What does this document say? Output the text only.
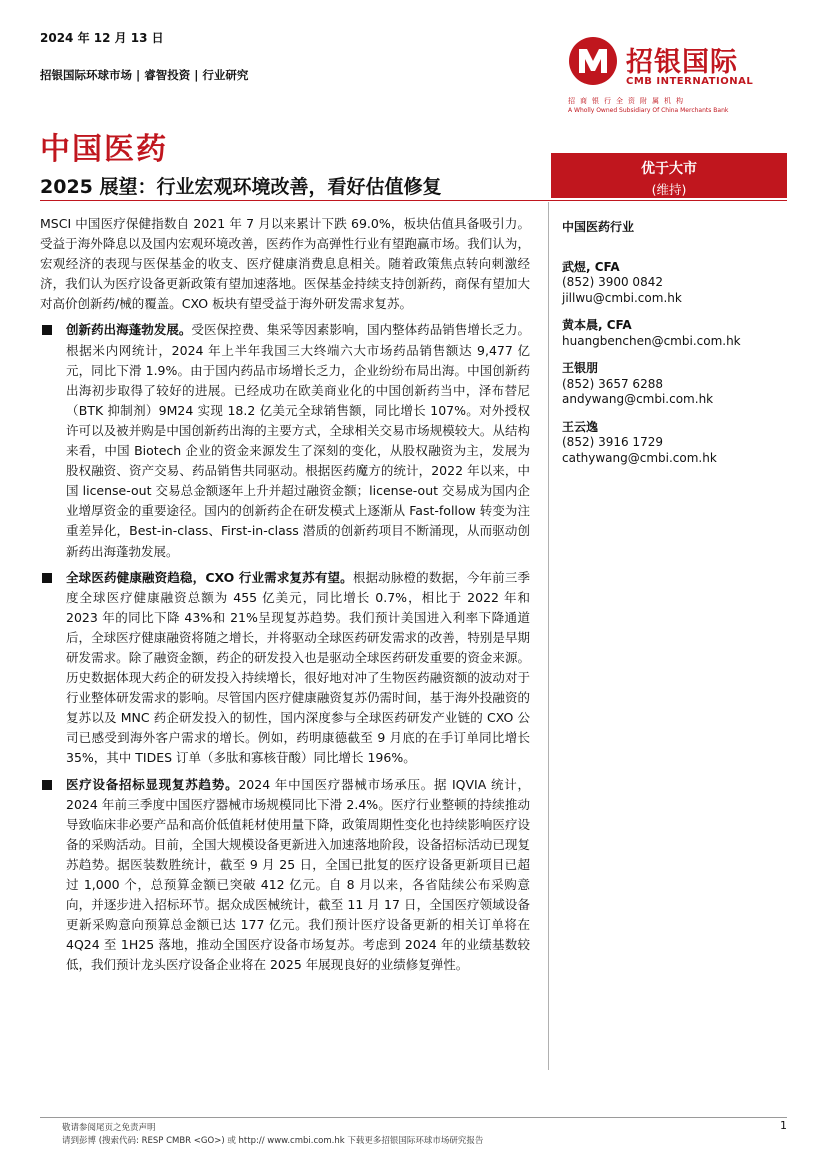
2024 年 12 月 13 日
招银国际环球市场 | 睿智投资 | 行业研究	招银国际
CMB INTERNATIONAL
招商银行全资附属机构
A Wholly Owned Subsidiary Of China Merchants Bank
中国医药
2025 展望：行业宏观环境改善，看好估值修复
优于大市
(维持)

MSCI 中国医疗保健指数自 2021 年 7 月以来累计下跌 69.0%，板块估值具备吸引力。受益于海外降息以及国内宏观环境改善，医药作为高弹性行业有望跑赢市场。我们认为，宏观经济的表现与医保基金的收支、医疗健康消费息息相关。随着政策焦点转向刺激经济，我们认为医疗设备更新政策有望加速落地。医保基金持续支持创新药，商保有望加大对高价创新药/械的覆盖。CXO 板块有望受益于海外研发需求复苏。

创新药出海蓬勃发展。受医保控费、集采等因素影响，国内整体药品销售增长乏力。根据米内网统计，2024 年上半年我国三大终端六大市场药品销售额达 9,477 亿元，同比下滑 1.9%。由于国内药品市场增长乏力，企业纷纷布局出海。中国创新药出海初步取得了较好的进展。已经成功在欧美商业化的中国创新药当中，泽布替尼（BTK 抑制剂）9M24 实现 18.2 亿美元全球销售额，同比增长 107%。对外授权许可以及被并购是中国创新药出海的主要方式，全球相关交易市场规模较大。从结构来看，中国 Biotech 企业的资金来源发生了深刻的变化，从股权融资为主，发展为股权融资、资产交易、药品销售共同驱动。根据医药魔方的统计，2022 年以来，中国 license-out 交易总金额逐年上升并超过融资金额；license-out 交易成为国内企业增厚资金的重要途径。国内的创新药企在研发模式上逐渐从 Fast-follow 转变为注重差异化，Best-in-class、First-in-class 潜质的创新药项目不断涌现，从而驱动创新药出海蓬勃发展。

全球医药健康融资趋稳，CXO 行业需求复苏有望。根据动脉橙的数据，今年前三季度全球医疗健康融资总额为 455 亿美元，同比增长 0.7%，相比于 2022 年和 2023 年的同比下降 43%和 21%呈现复苏趋势。我们预计美国进入利率下降通道后，全球医疗健康融资将随之增长，并将驱动全球医药研发需求的改善，特别是早期研发需求。除了融资金额，药企的研发投入也是驱动全球医药研发重要的资金来源。历史数据体现大药企的研发投入持续增长，很好地对冲了生物医药融资额的波动对于行业整体研发需求的影响。尽管国内医疗健康融资复苏仍需时间，基于海外投融资的复苏以及 MNC 药企研发投入的韧性，国内深度参与全球医药研发产业链的 CXO 公司已感受到海外客户需求的增长。例如，药明康德截至 9 月底的在手订单同比增长 35%，其中 TIDES 订单（多肽和寡核苷酸）同比增长 196%。

医疗设备招标显现复苏趋势。2024 年中国医疗器械市场承压。据 IQVIA 统计，2024 年前三季度中国医疗器械市场规模同比下滑 2.4%。医疗行业整顿的持续推动导致临床非必要产品和高价低值耗材使用量下降，政策周期性变化也持续影响医疗设备的采购活动。目前，全国大规模设备更新进入加速落地阶段，设备招标活动已现复苏趋势。据医装数胜统计，截至 9 月 25 日，全国已批复的医疗设备更新项目已超过 1,000 个，总预算金额已突破 412 亿元。自 8 月以来，各省陆续公布采购意向，并逐步进入招标环节。据众成医械统计，截至 11 月 17 日，全国医疗领域设备更新采购意向预算总金额已达 177 亿元。我们预计医疗设备更新的相关订单将在 4Q24 至 1H25 落地，推动全国医疗设备市场复苏。考虑到 2024 年的业绩基数较低，我们预计龙头医疗设备企业将在 2025 年展现良好的业绩修复弹性。

中国医药行业
武煜, CFA
(852) 3900 0842
jillwu@cmbi.com.hk
黄本晨, CFA
huangbenchen@cmbi.com.hk
王银朋
(852) 3657 6288
andywang@cmbi.com.hk
王云逸
(852) 3916 1729
cathywang@cmbi.com.hk
敬请参阅尾页之免责声明
请到彭博 (搜索代码: RESP CMBR <GO>) 或 http:// www.cmbi.com.hk 下载更多招银国际环球市场研究报告
1
